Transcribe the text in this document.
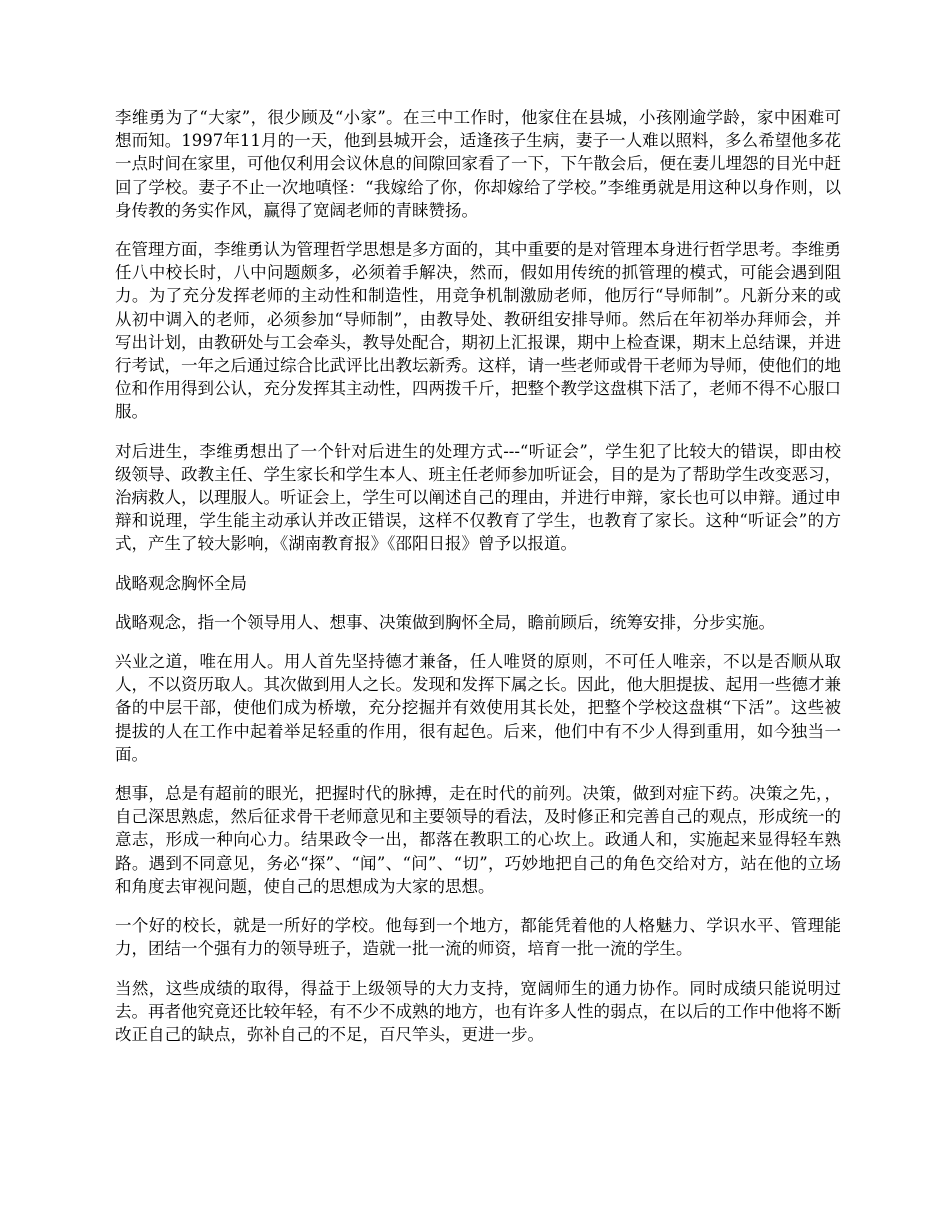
李维勇为了“大家”，很少顾及“小家”。在三中工作时，他家住在县城，小孩刚逾学龄，家中困难可想而知。1997年11月的一天，他到县城开会，适逢孩子生病，妻子一人难以照料，多么希望他多花一点时间在家里，可他仅利用会议休息的间隙回家看了一下，下午散会后，便在妻儿埋怨的目光中赶回了学校。妻子不止一次地嗔怪：“我嫁给了你，你却嫁给了学校。”李维勇就是用这种以身作则，以身传教的务实作风，赢得了宽阔老师的青睐赞扬。

在管理方面，李维勇认为管理哲学思想是多方面的，其中重要的是对管理本身进行哲学思考。李维勇任八中校长时，八中问题颇多，必须着手解决，然而，假如用传统的抓管理的模式，可能会遇到阻力。为了充分发挥老师的主动性和制造性，用竞争机制激励老师，他厉行“导师制”。凡新分来的或从初中调入的老师，必须参加“导师制”，由教导处、教研组安排导师。然后在年初举办拜师会，并写出计划，由教研处与工会牵头，教导处配合，期初上汇报课，期中上检查课，期末上总结课，并进行考试，一年之后通过综合比武评比出教坛新秀。这样，请一些老师或骨干老师为导师，使他们的地位和作用得到公认，充分发挥其主动性，四两拨千斤，把整个教学这盘棋下活了，老师不得不心服口服。

对后进生，李维勇想出了一个针对后进生的处理方式---“听证会”，学生犯了比较大的错误，即由校级领导、政教主任、学生家长和学生本人、班主任老师参加听证会，目的是为了帮助学生改变恶习，治病救人，以理服人。听证会上，学生可以阐述自己的理由，并进行申辩，家长也可以申辩。通过申辩和说理，学生能主动承认并改正错误，这样不仅教育了学生，也教育了家长。这种“听证会”的方式，产生了较大影响，《湖南教育报》《邵阳日报》曾予以报道。

战略观念胸怀全局

战略观念，指一个领导用人、想事、决策做到胸怀全局，瞻前顾后，统筹安排，分步实施。

兴业之道，唯在用人。用人首先坚持德才兼备，任人唯贤的原则，不可任人唯亲，不以是否顺从取人，不以资历取人。其次做到用人之长。发现和发挥下属之长。因此，他大胆提拔、起用一些德才兼备的中层干部，使他们成为桥墩，充分挖掘并有效使用其长处，把整个学校这盘棋“下活”。这些被提拔的人在工作中起着举足轻重的作用，很有起色。后来，他们中有不少人得到重用，如今独当一面。

想事，总是有超前的眼光，把握时代的脉搏，走在时代的前列。决策，做到对症下药。决策之先，，自己深思熟虑，然后征求骨干老师意见和主要领导的看法，及时修正和完善自己的观点，形成统一的意志，形成一种向心力。结果政令一出，都落在教职工的心坎上。政通人和，实施起来显得轻车熟路。遇到不同意见，务必“探”、“闻”、“问”、“切”，巧妙地把自己的角色交给对方，站在他的立场和角度去审视问题，使自己的思想成为大家的思想。

一个好的校长，就是一所好的学校。他每到一个地方，都能凭着他的人格魅力、学识水平、管理能力，团结一个强有力的领导班子，造就一批一流的师资，培育一批一流的学生。

当然，这些成绩的取得，得益于上级领导的大力支持，宽阔师生的通力协作。同时成绩只能说明过去。再者他究竟还比较年轻，有不少不成熟的地方，也有许多人性的弱点，在以后的工作中他将不断改正自己的缺点，弥补自己的不足，百尺竿头，更进一步。
